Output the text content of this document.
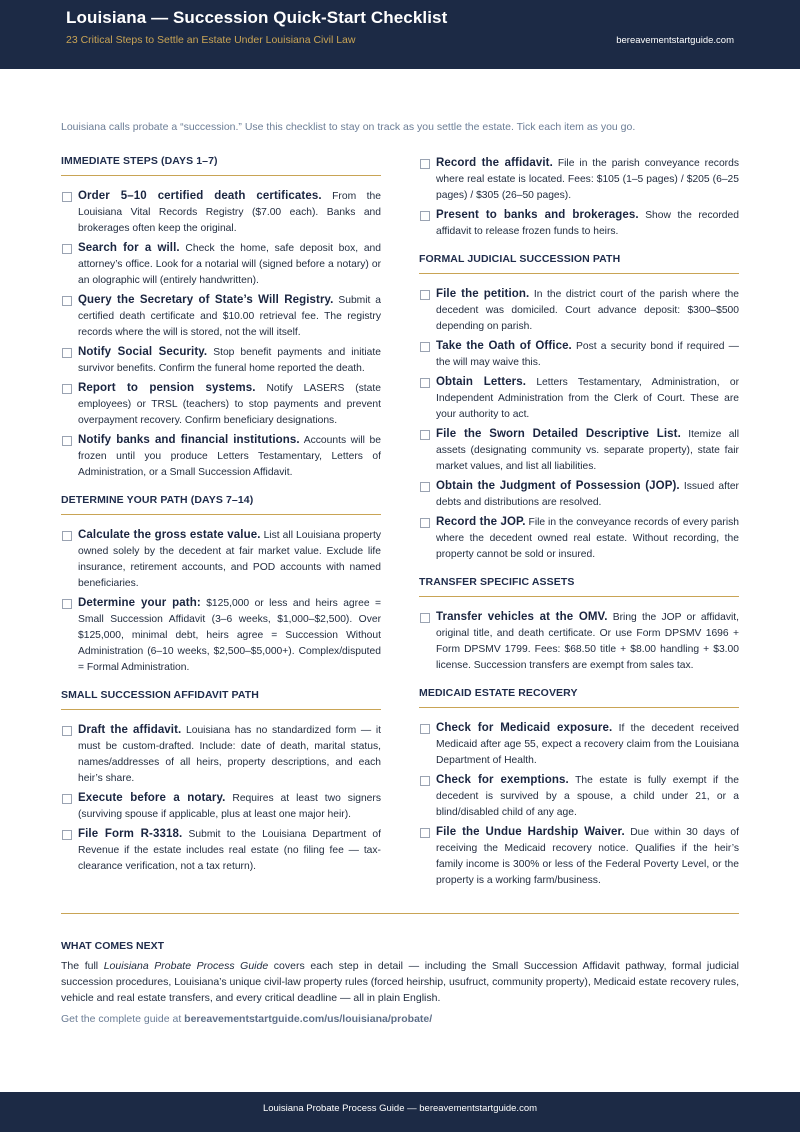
Louisiana — Succession Quick-Start Checklist
23 Critical Steps to Settle an Estate Under Louisiana Civil Law	bereavementstartguide.com
Louisiana calls probate a “succession.” Use this checklist to stay on track as you settle the estate. Tick each item as you go.
IMMEDIATE STEPS (DAYS 1–7)
Order 5–10 certified death certificates. From the Louisiana Vital Records Registry ($7.00 each). Banks and brokerages often keep the original.
Search for a will. Check the home, safe deposit box, and attorney’s office. Look for a notarial will (signed before a notary) or an olographic will (entirely handwritten).
Query the Secretary of State’s Will Registry. Submit a certified death certificate and $10.00 retrieval fee. The registry records where the will is stored, not the will itself.
Notify Social Security. Stop benefit payments and initiate survivor benefits. Confirm the funeral home reported the death.
Report to pension systems. Notify LASERS (state employees) or TRSL (teachers) to stop payments and prevent overpayment recovery. Confirm beneficiary designations.
Notify banks and financial institutions. Accounts will be frozen until you produce Letters Testamentary, Letters of Administration, or a Small Succession Affidavit.
DETERMINE YOUR PATH (DAYS 7–14)
Calculate the gross estate value. List all Louisiana property owned solely by the decedent at fair market value. Exclude life insurance, retirement accounts, and POD accounts with named beneficiaries.
Determine your path: $125,000 or less and heirs agree = Small Succession Affidavit (3–6 weeks, $1,000–$2,500). Over $125,000, minimal debt, heirs agree = Succession Without Administration (6–10 weeks, $2,500–$5,000+). Complex/disputed = Formal Administration.
SMALL SUCCESSION AFFIDAVIT PATH
Draft the affidavit. Louisiana has no standardized form — it must be custom-drafted. Include: date of death, marital status, names/addresses of all heirs, property descriptions, and each heir’s share.
Execute before a notary. Requires at least two signers (surviving spouse if applicable, plus at least one major heir).
File Form R-3318. Submit to the Louisiana Department of Revenue if the estate includes real estate (no filing fee — tax-clearance verification, not a tax return).
Record the affidavit. File in the parish conveyance records where real estate is located. Fees: $105 (1–5 pages) / $205 (6–25 pages) / $305 (26–50 pages).
Present to banks and brokerages. Show the recorded affidavit to release frozen funds to heirs.
FORMAL JUDICIAL SUCCESSION PATH
File the petition. In the district court of the parish where the decedent was domiciled. Court advance deposit: $300–$500 depending on parish.
Take the Oath of Office. Post a security bond if required — the will may waive this.
Obtain Letters. Letters Testamentary, Administration, or Independent Administration from the Clerk of Court. These are your authority to act.
File the Sworn Detailed Descriptive List. Itemize all assets (designating community vs. separate property), state fair market values, and list all liabilities.
Obtain the Judgment of Possession (JOP). Issued after debts and distributions are resolved.
Record the JOP. File in the conveyance records of every parish where the decedent owned real estate. Without recording, the property cannot be sold or insured.
TRANSFER SPECIFIC ASSETS
Transfer vehicles at the OMV. Bring the JOP or affidavit, original title, and death certificate. Or use Form DPSMV 1696 + Form DPSMV 1799. Fees: $68.50 title + $8.00 handling + $3.00 license. Succession transfers are exempt from sales tax.
MEDICAID ESTATE RECOVERY
Check for Medicaid exposure. If the decedent received Medicaid after age 55, expect a recovery claim from the Louisiana Department of Health.
Check for exemptions. The estate is fully exempt if the decedent is survived by a spouse, a child under 21, or a blind/disabled child of any age.
File the Undue Hardship Waiver. Due within 30 days of receiving the Medicaid recovery notice. Qualifies if the heir’s family income is 300% or less of the Federal Poverty Level, or the property is a working farm/business.
WHAT COMES NEXT
The full Louisiana Probate Process Guide covers each step in detail — including the Small Succession Affidavit pathway, formal judicial succession procedures, Louisiana’s unique civil-law property rules (forced heirship, usufruct, community property), Medicaid estate recovery rules, vehicle and real estate transfers, and every critical deadline — all in plain English.
Get the complete guide at bereavementstartguide.com/us/louisiana/probate/
Louisiana Probate Process Guide — bereavementstartguide.com
